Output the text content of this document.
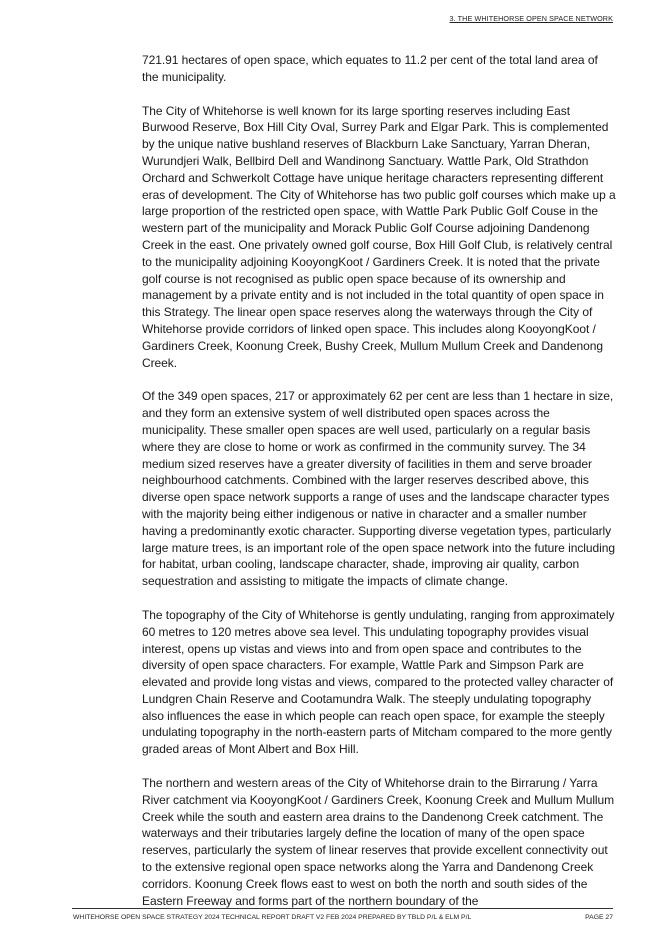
3. THE WHITEHORSE OPEN SPACE NETWORK

721.91 hectares of open space, which equates to 11.2 per cent of the total land area of the municipality.

The City of Whitehorse is well known for its large sporting reserves including East Burwood Reserve, Box Hill City Oval, Surrey Park and Elgar Park. This is complemented by the unique native bushland reserves of Blackburn Lake Sanctuary, Yarran Dheran, Wurundjeri Walk, Bellbird Dell and Wandinong Sanctuary. Wattle Park, Old Strathdon Orchard and Schwerkolt Cottage have unique heritage characters representing different eras of development. The City of Whitehorse has two public golf courses which make up a large proportion of the restricted open space, with Wattle Park Public Golf Couse in the western part of the municipality and Morack Public Golf Course adjoining Dandenong Creek in the east. One privately owned golf course, Box Hill Golf Club, is relatively central to the municipality adjoining KooyongKoot / Gardiners Creek. It is noted that the private golf course is not recognised as public open space because of its ownership and management by a private entity and is not included in the total quantity of open space in this Strategy. The linear open space reserves along the waterways through the City of Whitehorse provide corridors of linked open space. This includes along KooyongKoot / Gardiners Creek, Koonung Creek, Bushy Creek, Mullum Mullum Creek and Dandenong Creek.

Of the 349 open spaces, 217 or approximately 62 per cent are less than 1 hectare in size, and they form an extensive system of well distributed open spaces across the municipality. These smaller open spaces are well used, particularly on a regular basis where they are close to home or work as confirmed in the community survey. The 34 medium sized reserves have a greater diversity of facilities in them and serve broader neighbourhood catchments. Combined with the larger reserves described above, this diverse open space network supports a range of uses and the landscape character types with the majority being either indigenous or native in character and a smaller number having a predominantly exotic character. Supporting diverse vegetation types, particularly large mature trees, is an important role of the open space network into the future including for habitat, urban cooling, landscape character, shade, improving air quality, carbon sequestration and assisting to mitigate the impacts of climate change.

The topography of the City of Whitehorse is gently undulating, ranging from approximately 60 metres to 120 metres above sea level. This undulating topography provides visual interest, opens up vistas and views into and from open space and contributes to the diversity of open space characters. For example, Wattle Park and Simpson Park are elevated and provide long vistas and views, compared to the protected valley character of Lundgren Chain Reserve and Cootamundra Walk. The steeply undulating topography also influences the ease in which people can reach open space, for example the steeply undulating topography in the north-eastern parts of Mitcham compared to the more gently graded areas of Mont Albert and Box Hill.

The northern and western areas of the City of Whitehorse drain to the Birrarung / Yarra River catchment via KooyongKoot / Gardiners Creek, Koonung Creek and Mullum Mullum Creek while the south and eastern area drains to the Dandenong Creek catchment. The waterways and their tributaries largely define the location of many of the open space reserves, particularly the system of linear reserves that provide excellent connectivity out to the extensive regional open space networks along the Yarra and Dandenong Creek corridors. Koonung Creek flows east to west on both the north and south sides of the Eastern Freeway and forms part of the northern boundary of the

WHITEHORSE OPEN SPACE STRATEGY 2024 TECHNICAL REPORT DRAFT V2 FEB 2024 PREPARED BY TBLD P/L & ELM P/L	PAGE 27
